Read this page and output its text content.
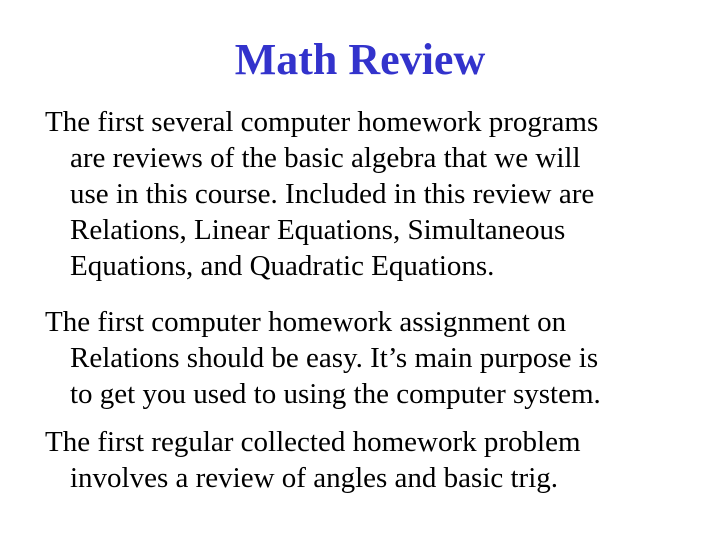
Math Review
The first several computer homework programs
are reviews of the basic algebra that we will
use in this course. Included in this review are
Relations, Linear Equations, Simultaneous
Equations, and Quadratic Equations.
The first computer homework assignment on
Relations should be easy. It’s main purpose is
to get you used to using the computer system.
The first regular collected homework problem
involves a review of angles and basic trig.
